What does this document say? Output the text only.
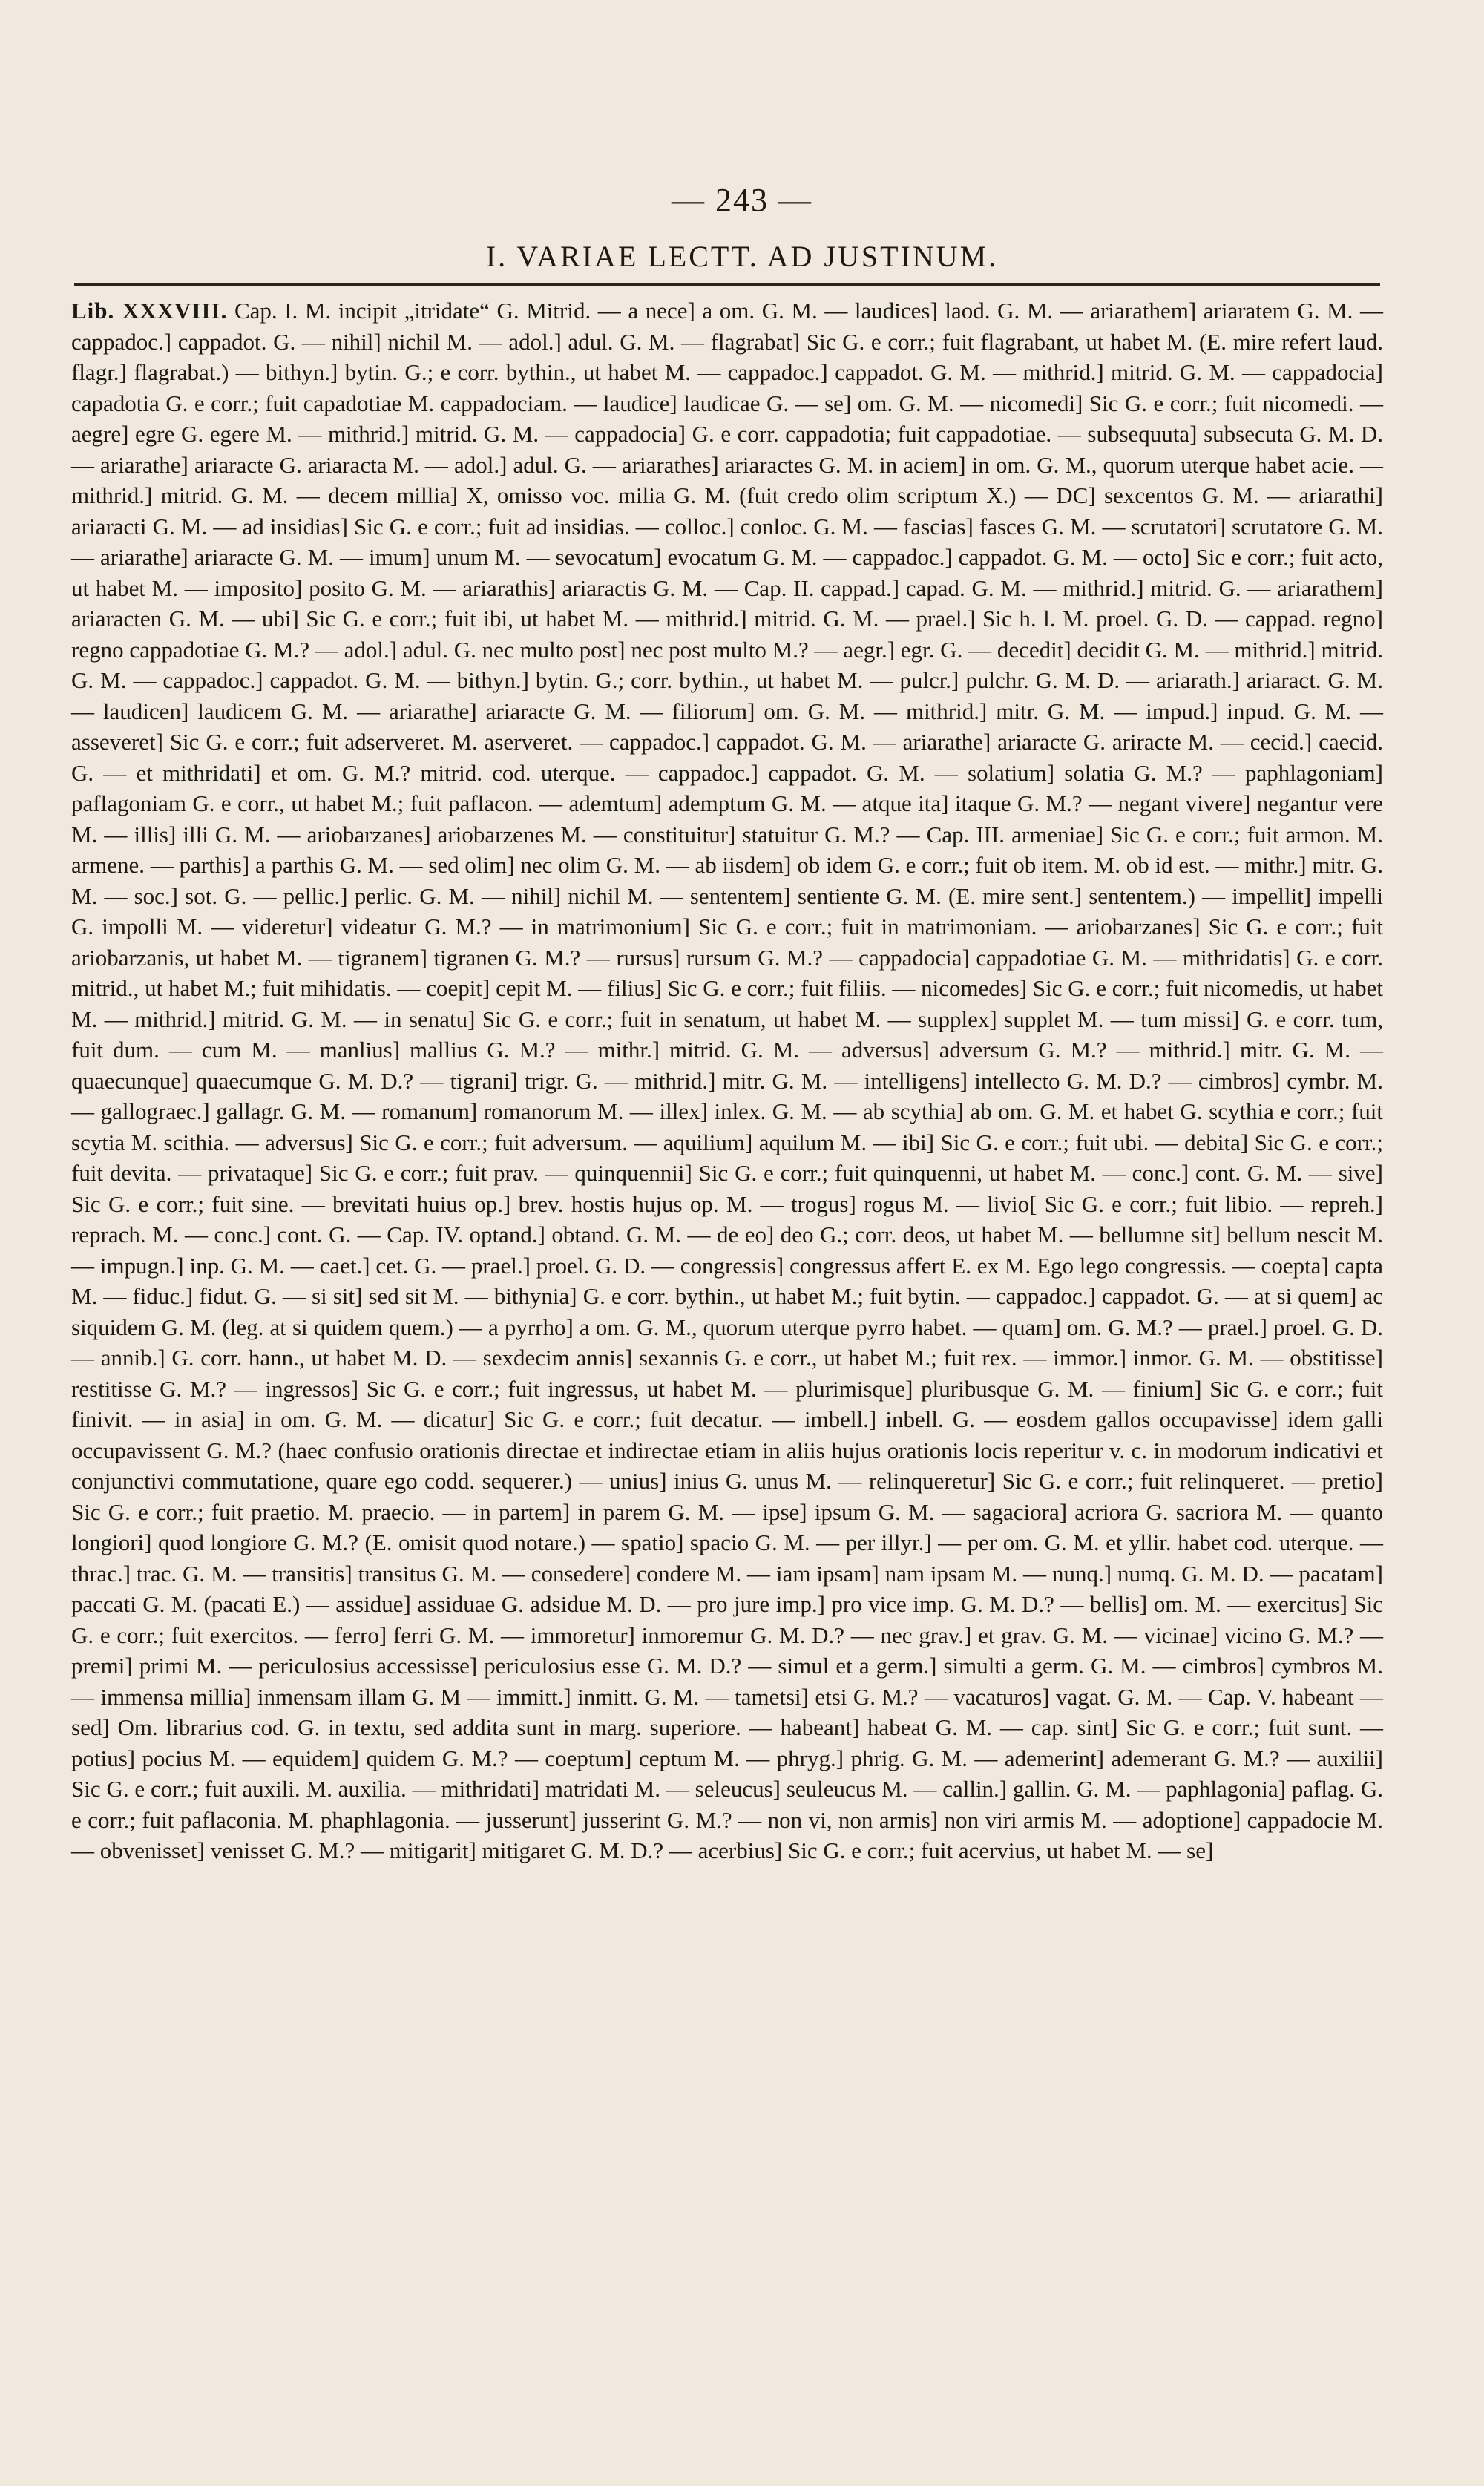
— 243 —
I. VARIAE LECTT. AD JUSTINUM.

Lib. XXXVIII. Cap. I. M. incipit „itridate“ G. Mitrid. — a nece] a om. G. M. — laudices] laod. G. M. — ariarathem] ariaratem G. M. — cappadoc.] cappadot. G. — nihil] nichil M. — adol.] adul. G. M. — flagrabat] Sic G. e corr.; fuit flagrabant, ut habet M. (E. mire refert laud. flagr.] flagrabat.) — bithyn.] bytin. G.; e corr. bythin., ut habet M. — cappadoc.] cappadot. G. M. — mithrid.] mitrid. G. M. — cappadocia] capadotia G. e corr.; fuit capadotiae M. cappadociam. — laudice] laudicae G. — se] om. G. M. — nicomedi] Sic G. e corr.; fuit nicomedi. — aegre] egre G. egere M. — mithrid.] mitrid. G. M. — cappadocia] G. e corr. cappadotia; fuit cappadotiae. — subsequuta] subsecuta G. M. D. — ariarathe] ariaracte G. ariaracta M. — adol.] adul. G. — ariarathes] ariaractes G. M. in aciem] in om. G. M., quorum uterque habet acie. — mithrid.] mitrid. G. M. — decem millia] X, omisso voc. milia G. M. (fuit credo olim scriptum X.) — DC] sexcentos G. M. — ariarathi] ariaracti G. M. — ad insidias] Sic G. e corr.; fuit ad insidias. — colloc.] conloc. G. M. — fascias] fasces G. M. — scrutatori] scrutatore G. M. — ariarathe] ariaracte G. M. — imum] unum M. — sevocatum] evocatum G. M. — cappadoc.] cappadot. G. M. — octo] Sic e corr.; fuit acto, ut habet M. — imposito] posito G. M. — ariarathis] ariaractis G. M. — Cap. II. cappad.] capad. G. M. — mithrid.] mitrid. G. — ariarathem] ariaracten G. M. — ubi] Sic G. e corr.; fuit ibi, ut habet M. — mithrid.] mitrid. G. M. — prael.] Sic h. l. M. proel. G. D. — cappad. regno] regno cappadotiae G. M.? — adol.] adul. G. nec multo post] nec post multo M.? — aegr.] egr. G. — decedit] decidit G. M. — mithrid.] mitrid. G. M. — cappadoc.] cappadot. G. M. — bithyn.] bytin. G.; corr. bythin., ut habet M. — pulcr.] pulchr. G. M. D. — ariarath.] ariaract. G. M. — laudicen] laudicem G. M. — ariarathe] ariaracte G. M. — filiorum] om. G. M. — mithrid.] mitr. G. M. — impud.] inpud. G. M. — asseveret] Sic G. e corr.; fuit adserveret. M. aserveret. — cappadoc.] cappadot. G. M. — ariarathe] ariaracte G. ariracte M. — cecid.] caecid. G. — et mithridati] et om. G. M.? mitrid. cod. uterque. — cappadoc.] cappadot. G. M. — solatium] solatia G. M.? — paphlagoniam] paflagoniam G. e corr., ut habet M.; fuit paflacon. — ademtum] ademptum G. M. — atque ita] itaque G. M.? — negant vivere] negantur vere M. — illis] illi G. M. — ariobarzanes] ariobarzenes M. — constituitur] statuitur G. M.? — Cap. III. armeniae] Sic G. e corr.; fuit armon. M. armene. — parthis] a parthis G. M. — sed olim] nec olim G. M. — ab iisdem] ob idem G. e corr.; fuit ob item. M. ob id est. — mithr.] mitr. G. M. — soc.] sot. G. — pellic.] perlic. G. M. — nihil] nichil M. — sententem] sentiente G. M. (E. mire sent.] sententem.) — impellit] impelli G. impolli M. — videretur] videatur G. M.? — in matrimonium] Sic G. e corr.; fuit in matrimoniam. — ariobarzanes] Sic G. e corr.; fuit ariobarzanis, ut habet M. — tigranem] tigranen G. M.? — rursus] rursum G. M.? — cappadocia] cappadotiae G. M. — mithridatis] G. e corr. mitrid., ut habet M.; fuit mihidatis. — coepit] cepit M. — filius] Sic G. e corr.; fuit filiis. — nicomedes] Sic G. e corr.; fuit nicomedis, ut habet M. — mithrid.] mitrid. G. M. — in senatu] Sic G. e corr.; fuit in senatum, ut habet M. — supplex] supplet M. — tum missi] G. e corr. tum, fuit dum. — cum M. — manlius] mallius G. M.? — mithr.] mitrid. G. M. — adversus] adversum G. M.? — mithrid.] mitr. G. M. — quaecunque] quaecumque G. M. D.? — tigrani] trigr. G. — mithrid.] mitr. G. M. — intelligens] intellecto G. M. D.? — cimbros] cymbr. M. — gallograec.] gallagr. G. M. — romanum] romanorum M. — illex] inlex. G. M. — ab scythia] ab om. G. M. et habet G. scythia e corr.; fuit scytia M. scithia. — adversus] Sic G. e corr.; fuit adversum. — aquilium] aquilum M. — ibi] Sic G. e corr.; fuit ubi. — debita] Sic G. e corr.; fuit devita. — privataque] Sic G. e corr.; fuit prav. — quinquennii] Sic G. e corr.; fuit quinquenni, ut habet M. — conc.] cont. G. M. — sive] Sic G. e corr.; fuit sine. — brevitati huius op.] brev. hostis hujus op. M. — trogus] rogus M. — livio[ Sic G. e corr.; fuit libio. — repreh.] reprach. M. — conc.] cont. G. — Cap. IV. optand.] obtand. G. M. — de eo] deo G.; corr. deos, ut habet M. — bellumne sit] bellum nescit M. — impugn.] inp. G. M. — caet.] cet. G. — prael.] proel. G. D. — congressis] congressus affert E. ex M. Ego lego congressis. — coepta] capta M. — fiduc.] fidut. G. — si sit] sed sit M. — bithynia] G. e corr. bythin., ut habet M.; fuit bytin. — cappadoc.] cappadot. G. — at si quem] ac siquidem G. M. (leg. at si quidem quem.) — a pyrrho] a om. G. M., quorum uterque pyrro habet. — quam] om. G. M.? — prael.] proel. G. D. — annib.] G. corr. hann., ut habet M. D. — sexdecim annis] sexannis G. e corr., ut habet M.; fuit rex. — immor.] inmor. G. M. — obstitisse] restitisse G. M.? — ingressos] Sic G. e corr.; fuit ingressus, ut habet M. — plurimisque] pluribusque G. M. — finium] Sic G. e corr.; fuit finivit. — in asia] in om. G. M. — dicatur] Sic G. e corr.; fuit decatur. — imbell.] inbell. G. — eosdem gallos occupavisse] idem galli occupavissent G. M.? (haec confusio orationis directae et indirectae etiam in aliis hujus orationis locis reperitur v. c. in modorum indicativi et conjunctivi commutatione, quare ego codd. sequerer.) — unius] inius G. unus M. — relinqueretur] Sic G. e corr.; fuit relinqueret. — pretio] Sic G. e corr.; fuit praetio. M. praecio. — in partem] in parem G. M. — ipse] ipsum G. M. — sagaciora] acriora G. sacriora M. — quanto longiori] quod longiore G. M.? (E. omisit quod notare.) — spatio] spacio G. M. — per illyr.] — per om. G. M. et yllir. habet cod. uterque. — thrac.] trac. G. M. — transitis] transitus G. M. — consedere] condere M. — iam ipsam] nam ipsam M. — nunq.] numq. G. M. D. — pacatam] paccati G. M. (pacati E.) — assidue] assiduae G. adsidue M. D. — pro jure imp.] pro vice imp. G. M. D.? — bellis] om. M. — exercitus] Sic G. e corr.; fuit exercitos. — ferro] ferri G. M. — immoretur] inmoremur G. M. D.? — nec grav.] et grav. G. M. — vicinae] vicino G. M.? — premi] primi M. — periculosius accessisse] periculosius esse G. M. D.? — simul et a germ.] simulti a germ. G. M. — cimbros] cymbros M. — immensa millia] inmensam illam G. M — immitt.] inmitt. G. M. — tametsi] etsi G. M.? — vacaturos] vagat. G. M. — Cap. V. habeant — sed] Om. librarius cod. G. in textu, sed addita sunt in marg. superiore. — habeant] habeat G. M. — cap. sint] Sic G. e corr.; fuit sunt. — potius] pocius M. — equidem] quidem G. M.? — coeptum] ceptum M. — phryg.] phrig. G. M. — ademerint] ademerant G. M.? — auxilii] Sic G. e corr.; fuit auxili. M. auxilia. — mithridati] matridati M. — seleucus] seuleucus M. — callin.] gallin. G. M. — paphlagonia] paflag. G. e corr.; fuit paflaconia. M. phaphlagonia. — jusserunt] jusserint G. M.? — non vi, non armis] non viri armis M. — adoptione] cappadocie M. — obvenisset] venisset G. M.? — mitigarit] mitigaret G. M. D.? — acerbius] Sic G. e corr.; fuit acervius, ut habet M. — se]
